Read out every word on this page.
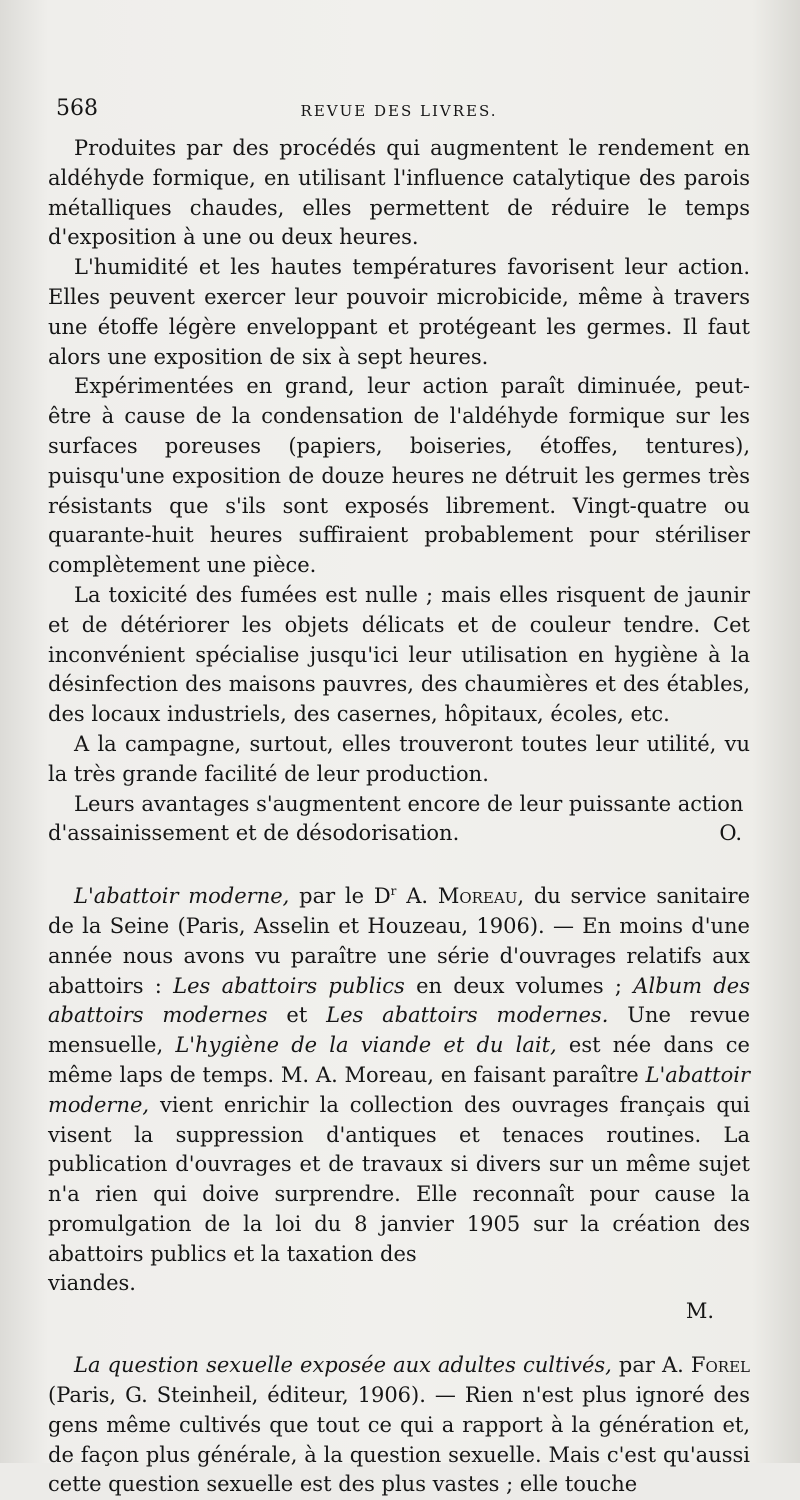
568	REVUE DES LIVRES.

Produites par des procédés qui augmentent le rendement en aldéhyde formique, en utilisant l'influence catalytique des parois métalliques chaudes, elles permettent de réduire le temps d'exposition à une ou deux heures.

L'humidité et les hautes températures favorisent leur action. Elles peuvent exercer leur pouvoir microbicide, même à travers une étoffe légère enveloppant et protégeant les germes. Il faut alors une exposition de six à sept heures.

Expérimentées en grand, leur action paraît diminuée, peut-être à cause de la condensation de l'aldéhyde formique sur les surfaces poreuses (papiers, boiseries, étoffes, tentures), puisqu'une exposition de douze heures ne détruit les germes très résistants que s'ils sont exposés librement. Vingt-quatre ou quarante-huit heures suffiraient probablement pour stériliser complètement une pièce.

La toxicité des fumées est nulle ; mais elles risquent de jaunir et de détériorer les objets délicats et de couleur tendre. Cet inconvénient spécialise jusqu'ici leur utilisation en hygiène à la désinfection des maisons pauvres, des chaumières et des étables, des locaux industriels, des casernes, hôpitaux, écoles, etc.

A la campagne, surtout, elles trouveront toutes leur utilité, vu la très grande facilité de leur production.

Leurs avantages s'augmentent encore de leur puissante action

d'assainissement et de désodorisation.	O.

L'abattoir moderne, par le $D^r$ A. Moreau, du service sanitaire de la Seine (Paris, Asselin et Houzeau, 1906). — En moins d'une année nous avons vu paraître une série d'ouvrages relatifs aux abattoirs : Les abattoirs publics en deux volumes ; Album des abattoirs modernes et Les abattoirs modernes. Une revue mensuelle, L'hygiène de la viande et du lait, est née dans ce même laps de temps. M. A. Moreau, en faisant paraître L'abattoir moderne, vient enrichir la collection des ouvrages français qui visent la suppression d'antiques et tenaces routines. La publication d'ouvrages et de travaux si divers sur un même sujet n'a rien qui doive surprendre. Elle reconnaît pour cause la promulgation de la loi du 8 janvier 1905 sur la création des abattoirs publics et la taxation des

viandes.
M.

La question sexuelle exposée aux adultes cultivés, par A. Forel (Paris, G. Steinheil, éditeur, 1906). — Rien n'est plus ignoré des gens même cultivés que tout ce qui a rapport à la génération et, de façon plus générale, à la question sexuelle. Mais c'est qu'aussi cette question sexuelle est des plus vastes ; elle touche
